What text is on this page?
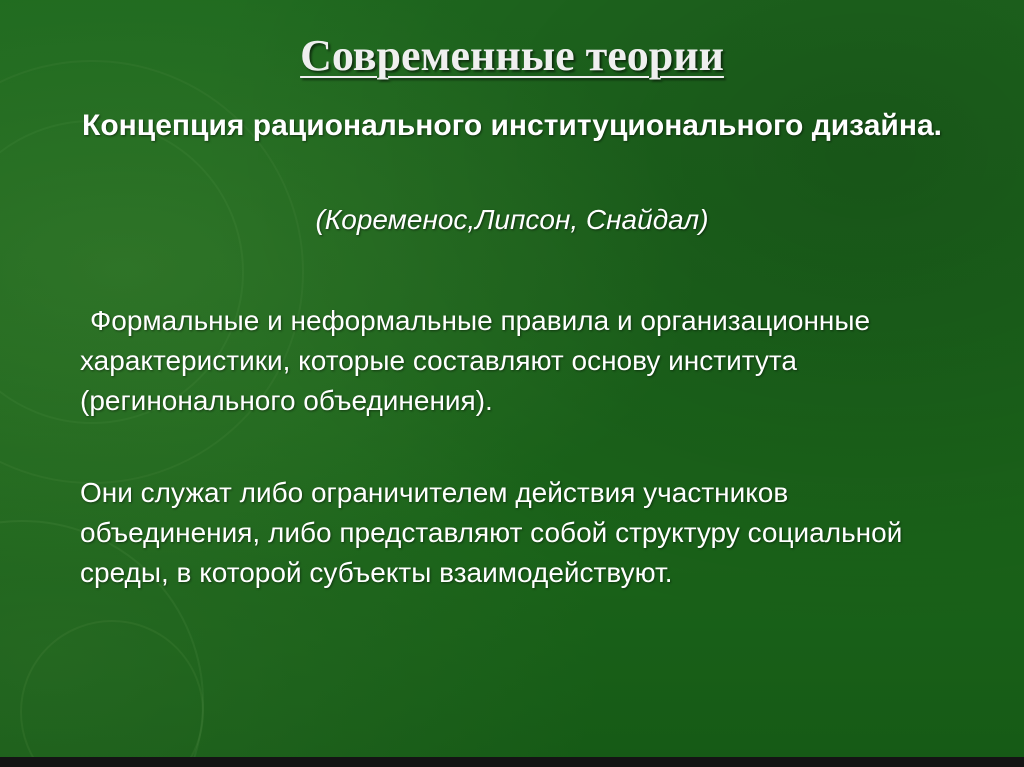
Современные теории

Концепция рационального институционального дизайна.

(Коременос,Липсон, Снайдал)

Формальные и неформальные правила и организационные характеристики, которые составляют основу института (регинонального объединения).

Они служат либо ограничителем действия участников объединения, либо представляют собой структуру социальной среды, в которой субъекты взаимодействуют.
